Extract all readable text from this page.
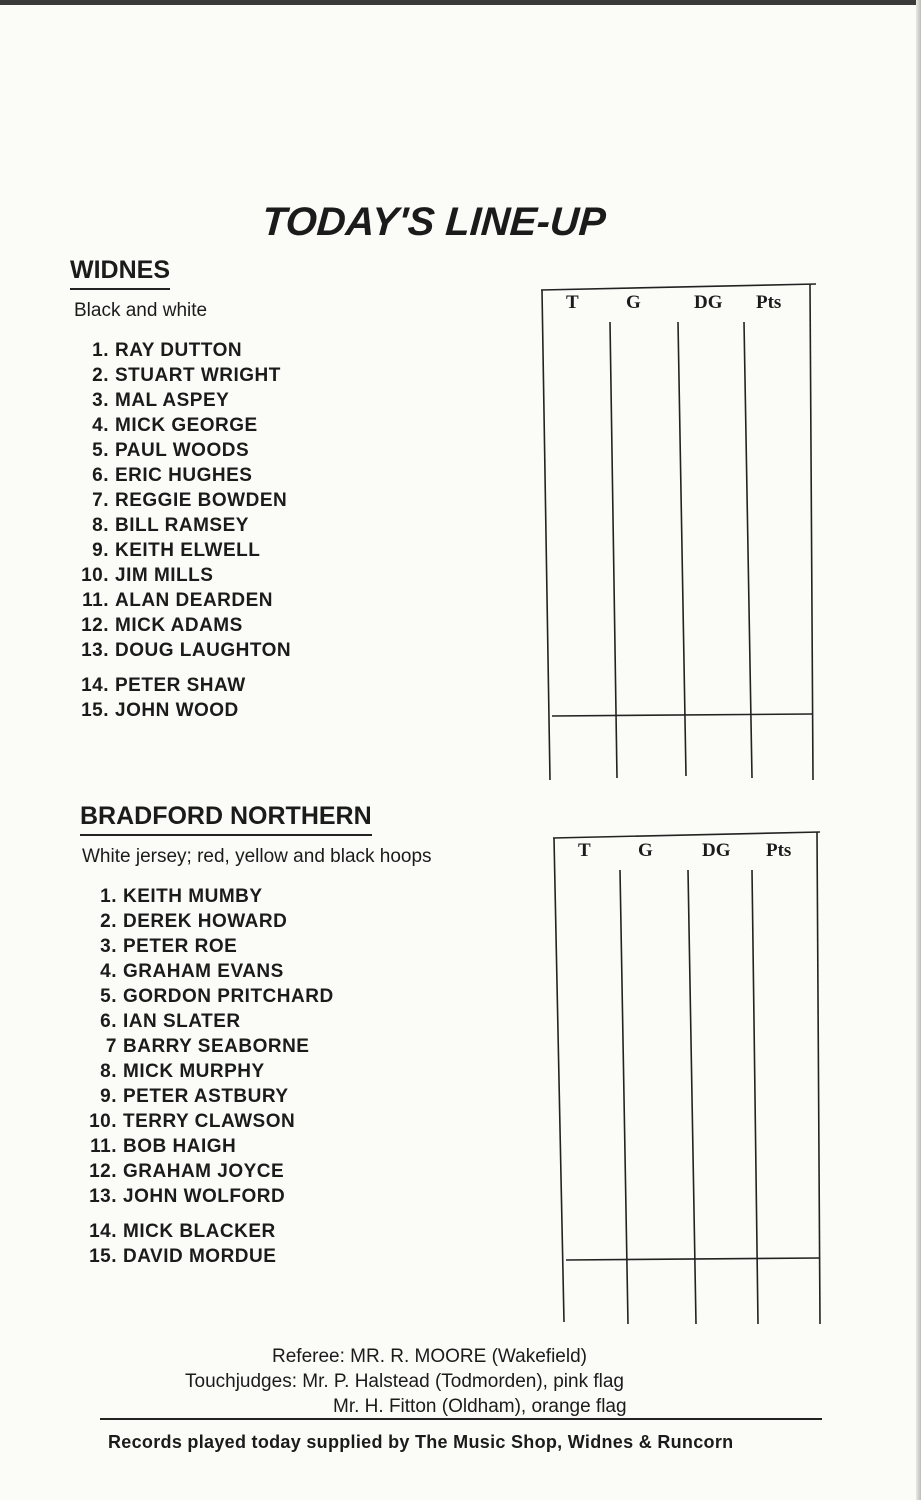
TODAY'S LINE-UP
WIDNES
Black and white
1. RAY DUTTON
2. STUART WRIGHT
3. MAL ASPEY
4. MICK GEORGE
5. PAUL WOODS
6. ERIC HUGHES
7. REGGIE BOWDEN
8. BILL RAMSEY
9. KEITH ELWELL
10. JIM MILLS
11. ALAN DEARDEN
12. MICK ADAMS
13. DOUG LAUGHTON
14. PETER SHAW
15. JOHN WOOD
T G	DG Pts
BRADFORD NORTHERN
White jersey; red, yellow and black hoops
1. KEITH MUMBY
2. DEREK HOWARD
3. PETER ROE
4. GRAHAM EVANS
5. GORDON PRITCHARD
6. IAN SLATER
7 BARRY SEABORNE
8. MICK MURPHY
9. PETER ASTBURY
10. TERRY CLAWSON
11. BOB HAIGH
12. GRAHAM JOYCE
13. JOHN WOLFORD
14. MICK BLACKER
15. DAVID MORDUE
T G	DG Pts
Referee: MR. R. MOORE (Wakefield)
Touchjudges: Mr. P. Halstead (Todmorden), pink flag
Mr. H. Fitton (Oldham), orange flag
Records played today supplied by The Music Shop, Widnes & Runcorn
